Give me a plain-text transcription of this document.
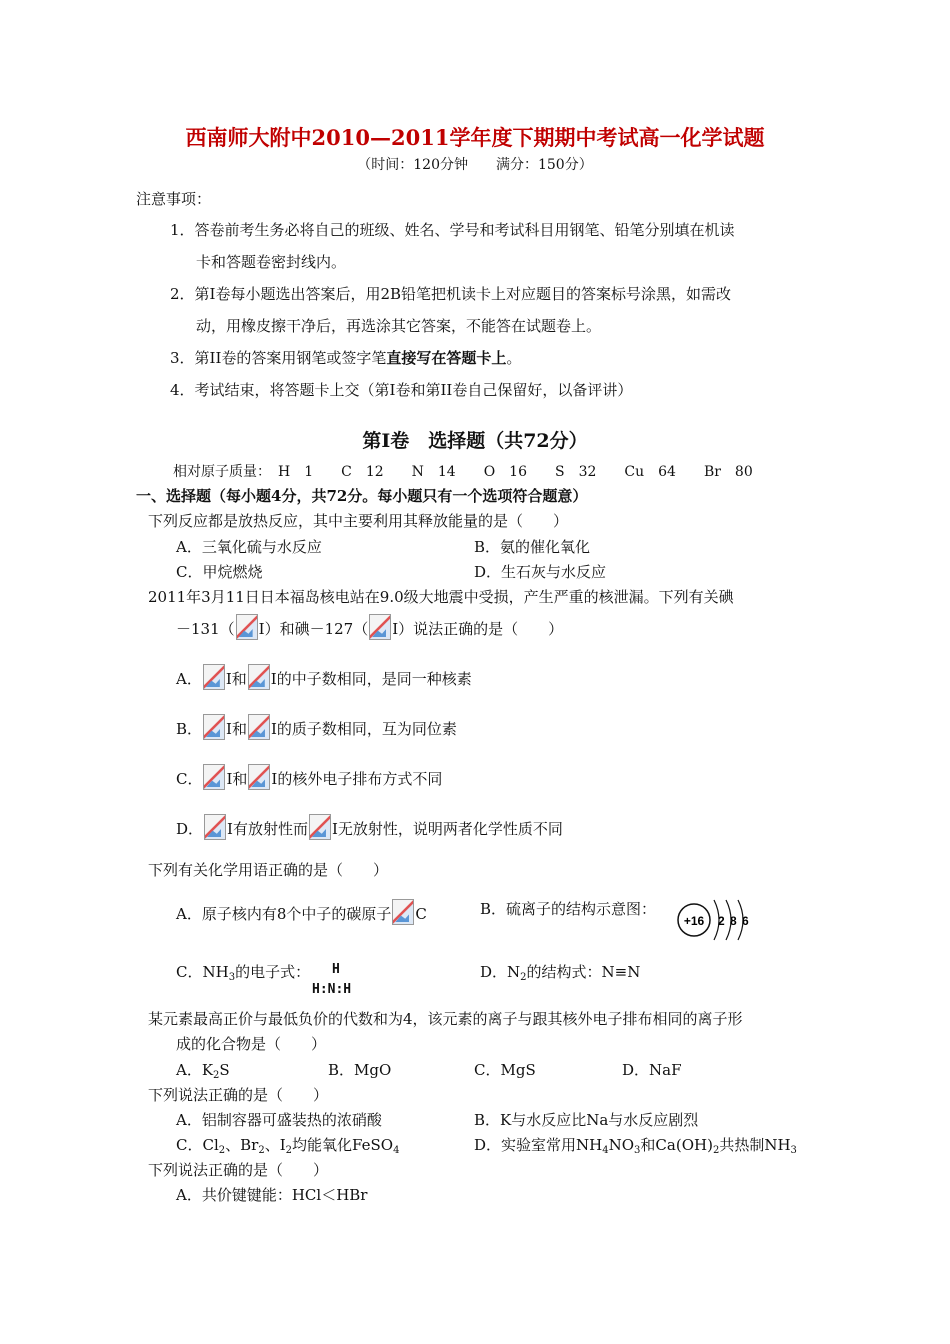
西南师大附中2010—2011学年度下期期中考试高一化学试题
（时间：120分钟　　满分：150分）
注意事项：
1．答卷前考生务必将自己的班级、姓名、学号和考试科目用钢笔、铅笔分别填在机读
卡和答题卷密封线内。
2．第Ⅰ卷每小题选出答案后，用2B铅笔把机读卡上对应题目的答案标号涂黑，如需改
动，用橡皮擦干净后，再选涂其它答案，不能答在试题卷上。
3．第II卷的答案用钢笔或签字笔直接写在答题卡上。
4．考试结束，将答题卡上交（第Ⅰ卷和第II卷自己保留好，以备评讲）
第Ⅰ卷　选择题（共72分）
相对原子质量：　H　1　　C　12　　N　14　　O　16　　S　32　　Cu　64　　Br　80
一、选择题（每小题4分，共72分。每小题只有一个选项符合题意）
下列反应都是放热反应，其中主要利用其释放能量的是（　　）
A．三氧化硫与水反应	B．氨的催化氧化
C．甲烷燃烧	D．生石灰与水反应
2011年3月11日日本福岛核电站在9.0级大地震中受损，产生严重的核泄漏。下列有关碘
－131（ I）和碘－127（ I）说法正确的是（　　）
A． I和 I的中子数相同，是同一种核素
B． I和 I的质子数相同，互为同位素
C． I和 I的核外电子排布方式不同
D． I有放射性而 I无放射性，说明两者化学性质不同
下列有关化学用语正确的是（　　）
A．原子核内有8个中子的碳原子 C	B．硫离子的结构示意图：
+16 2 8 6
C．$NH_3$的电子式： H
H:N:H
D．$N_2$的结构式：N≡N
某元素最高正价与最低负价的代数和为4，该元素的离子与跟其核外电子排布相同的离子形
成的化合物是（　　）
A．$K_2S$	B．MgO	C．MgS	D．NaF
下列说法正确的是（　　）
A．铝制容器可盛装热的浓硝酸	B．K与水反应比Na与水反应剧烈
C．$Cl_2$、$Br_2$、$I_2$均能氧化FeSO$_4$	D．实验室常用$NH_4NO_3$和$Ca(OH)_2$共热制$NH_3$
下列说法正确的是（　　）
A．共价键键能：HCl＜HBr
